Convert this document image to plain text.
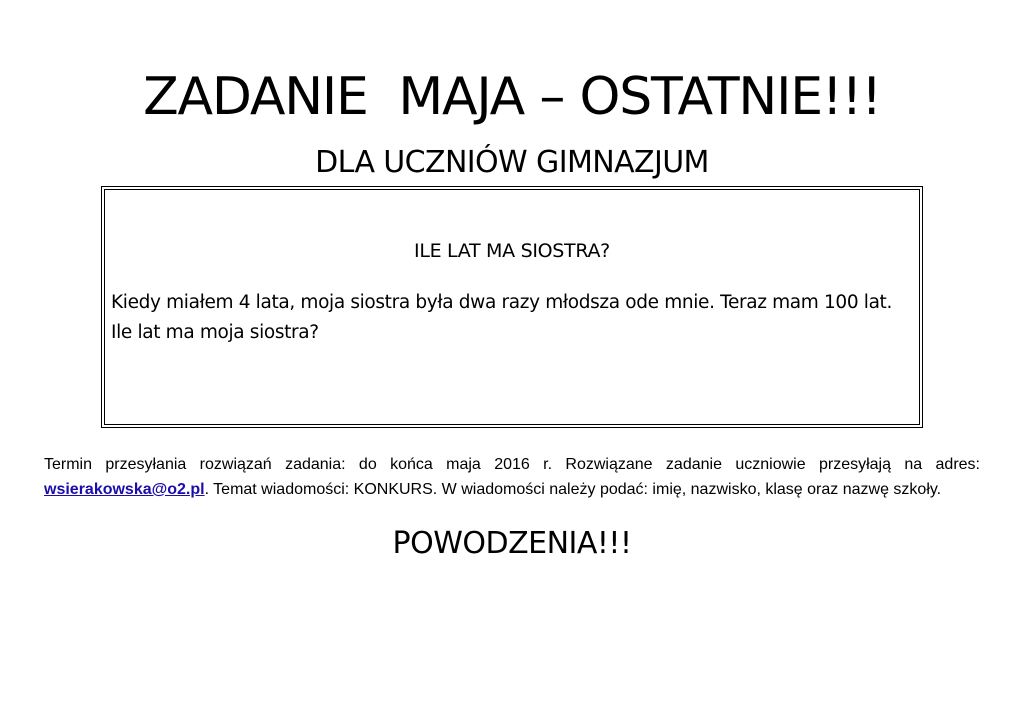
ZADANIE  MAJA – OSTATNIE!!!
DLA UCZNIÓW GIMNAZJUM
ILE LAT MA SIOSTRA?

Kiedy miałem 4 lata, moja siostra była dwa razy młodsza ode mnie. Teraz mam 100 lat. Ile lat ma moja siostra?

Termin przesyłania rozwiązań zadania: do końca maja 2016 r. Rozwiązane zadanie uczniowie przesyłają na adres: wsierakowska@o2.pl. Temat wiadomości: KONKURS. W wiadomości należy podać: imię, nazwisko, klasę oraz nazwę szkoły.

POWODZENIA!!!
